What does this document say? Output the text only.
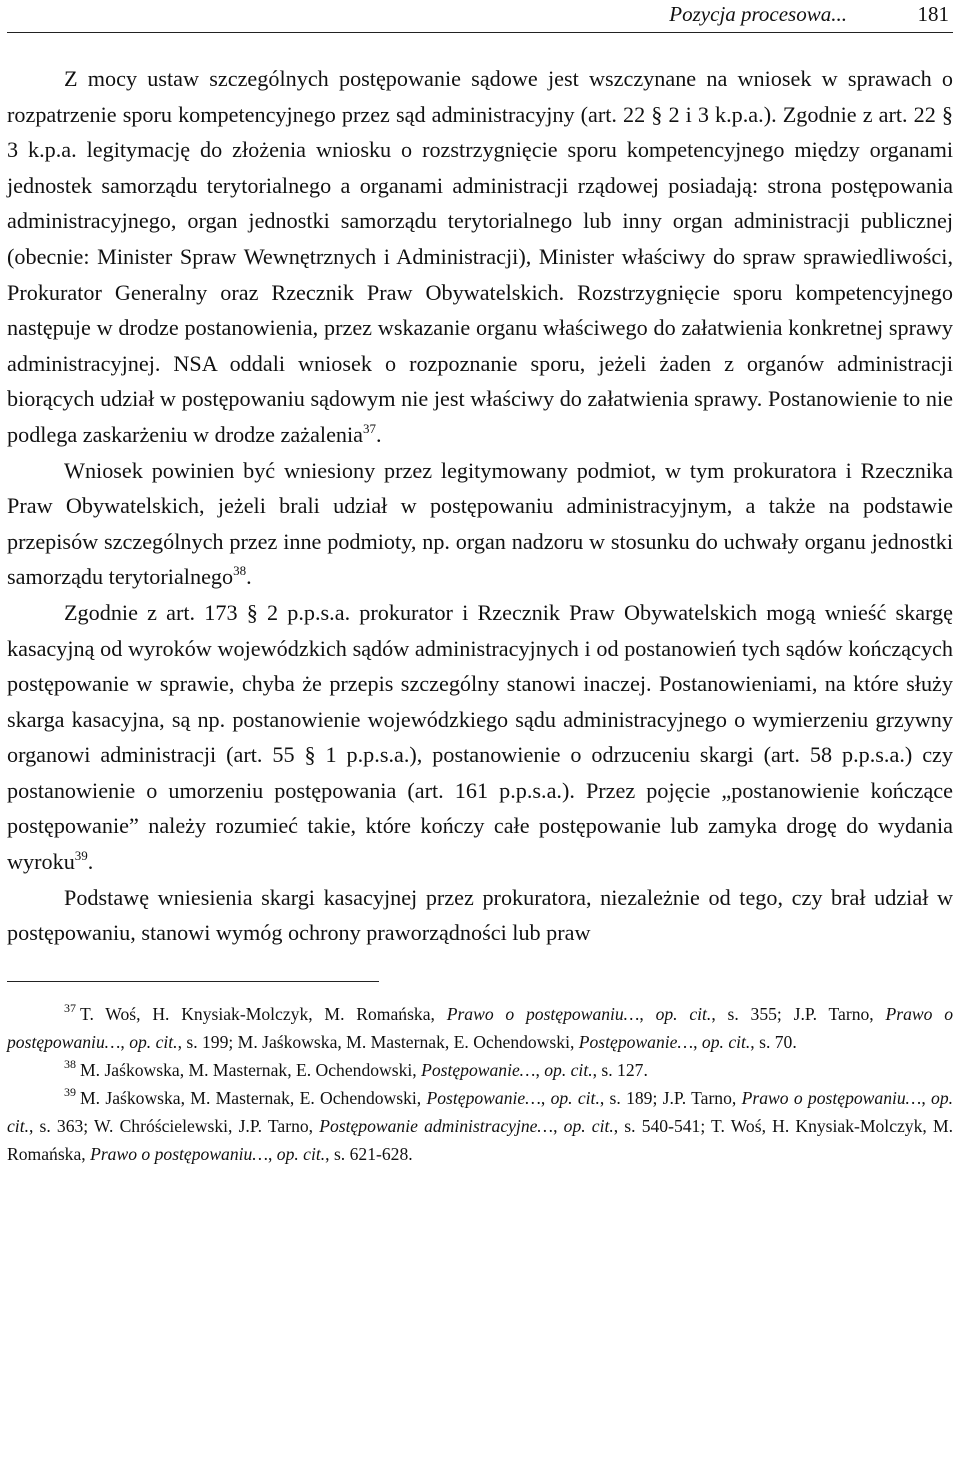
Pozycja procesowa...	181

Z mocy ustaw szczególnych postępowanie sądowe jest wszczynane na wniosek w sprawach o rozpatrzenie sporu kompetencyjnego przez sąd administracyjny (art. 22 § 2 i 3 k.p.a.). Zgodnie z art. 22 § 3 k.p.a. legitymację do złożenia wniosku o rozstrzygnięcie sporu kompetencyjnego między organami jednostek samorządu terytorialnego a organami administracji rządowej posiadają: strona postępowania administracyjnego, organ jednostki samorządu terytorialnego lub inny organ administracji publicznej (obecnie: Minister Spraw Wewnętrznych i Administracji), Minister właściwy do spraw sprawiedliwości, Prokurator Generalny oraz Rzecznik Praw Obywatelskich. Rozstrzygnięcie sporu kompetencyjnego następuje w drodze postanowienia, przez wskazanie organu właściwego do załatwienia konkretnej sprawy administracyjnej. NSA oddali wniosek o rozpoznanie sporu, jeżeli żaden z organów administracji biorących udział w postępowaniu sądowym nie jest właściwy do załatwienia sprawy. Postanowienie to nie podlega zaskarżeniu w drodze zażalenia$^{37}$.

Wniosek powinien być wniesiony przez legitymowany podmiot, w tym prokuratora i Rzecznika Praw Obywatelskich, jeżeli brali udział w postępowaniu administracyjnym, a także na podstawie przepisów szczególnych przez inne podmioty, np. organ nadzoru w stosunku do uchwały organu jednostki samorządu terytorialnego$^{38}$.

Zgodnie z art. 173 § 2 p.p.s.a. prokurator i Rzecznik Praw Obywatelskich mogą wnieść skargę kasacyjną od wyroków wojewódzkich sądów administracyjnych i od postanowień tych sądów kończących postępowanie w sprawie, chyba że przepis szczególny stanowi inaczej. Postanowieniami, na które służy skarga kasacyjna, są np. postanowienie wojewódzkiego sądu administracyjnego o wymierzeniu grzywny organowi administracji (art. 55 § 1 p.p.s.a.), postanowienie o odrzuceniu skargi (art. 58 p.p.s.a.) czy postanowienie o umorzeniu postępowania (art. 161 p.p.s.a.). Przez pojęcie „postanowienie kończące postępowanie” należy rozumieć takie, które kończy całe postępowanie lub zamyka drogę do wydania wyroku$^{39}$.

Podstawę wniesienia skargi kasacyjnej przez prokuratora, niezależnie od tego, czy brał udział w postępowaniu, stanowi wymóg ochrony praworządności lub praw

$^{37}$ T. Woś, H. Knysiak-Molczyk, M. Romańska, Prawo o postępowaniu…, op. cit., s. 355; J.P. Tarno, Prawo o postępowaniu…, op. cit., s. 199; M. Jaśkowska, M. Masternak, E. Ochendowski, Postępowanie…, op. cit., s. 70.

$^{38}$ M. Jaśkowska, M. Masternak, E. Ochendowski, Postępowanie…, op. cit., s. 127.

$^{39}$ M. Jaśkowska, M. Masternak, E. Ochendowski, Postępowanie…, op. cit., s. 189; J.P. Tarno, Prawo o postępowaniu…, op. cit., s. 363; W. Chróścielewski, J.P. Tarno, Postępowanie administracyjne…, op. cit., s. 540-541; T. Woś, H. Knysiak-Molczyk, M. Romańska, Prawo o postępowaniu…, op. cit., s. 621-628.
